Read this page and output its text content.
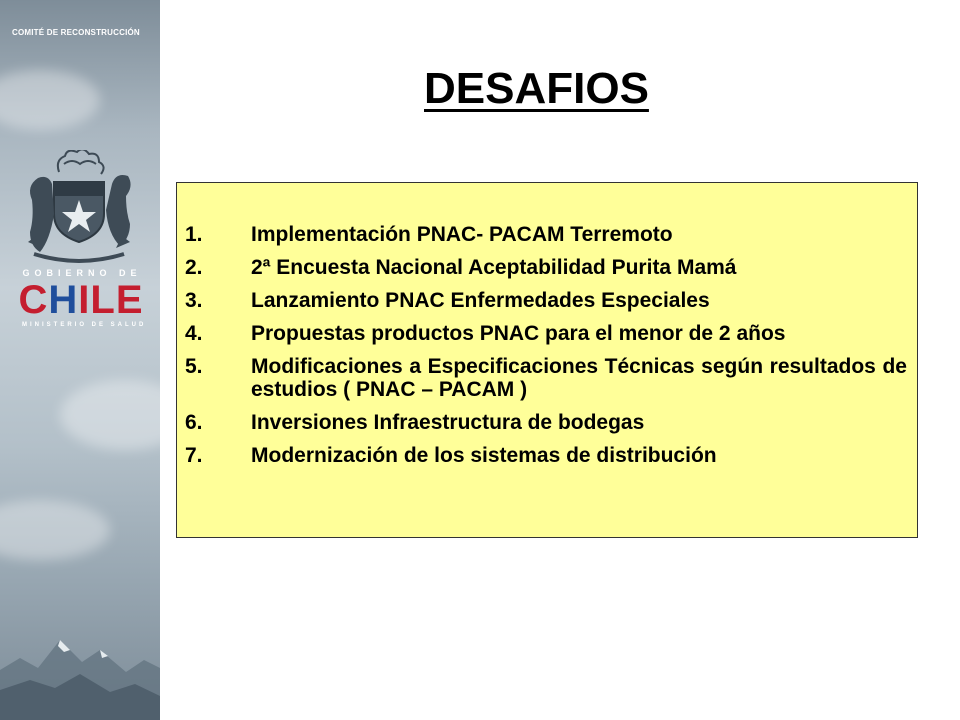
COMITÉ DE RECONSTRUCCIÓN
GOBIERNO DE
CHILE
MINISTERIO DE SALUD
DESAFIOS
1.	Implementación PNAC- PACAM Terremoto
2.	2ª Encuesta Nacional Aceptabilidad Purita Mamá
3.	Lanzamiento PNAC Enfermedades Especiales
4.	Propuestas productos PNAC para el menor de 2 años
5.	Modificaciones a Especificaciones Técnicas según resultados de estudios ( PNAC – PACAM )
6.	Inversiones Infraestructura de bodegas
7.	Modernización de los sistemas de distribución
